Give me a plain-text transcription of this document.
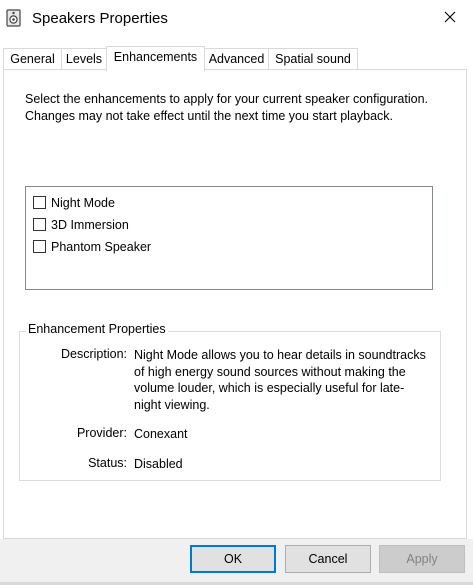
Speakers Properties
General Levels Enhancements Advanced Spatial sound
Select the enhancements to apply for your current speaker configuration. Changes may not take effect until the next time you start playback.
Night Mode
3D Immersion
Phantom Speaker
Enhancement Properties
Description: Night Mode allows you to hear details in soundtracks of high energy sound sources without making the volume louder, which is especially useful for late-night viewing.
Provider: Conexant
Status: Disabled
OK	Cancel	Apply
